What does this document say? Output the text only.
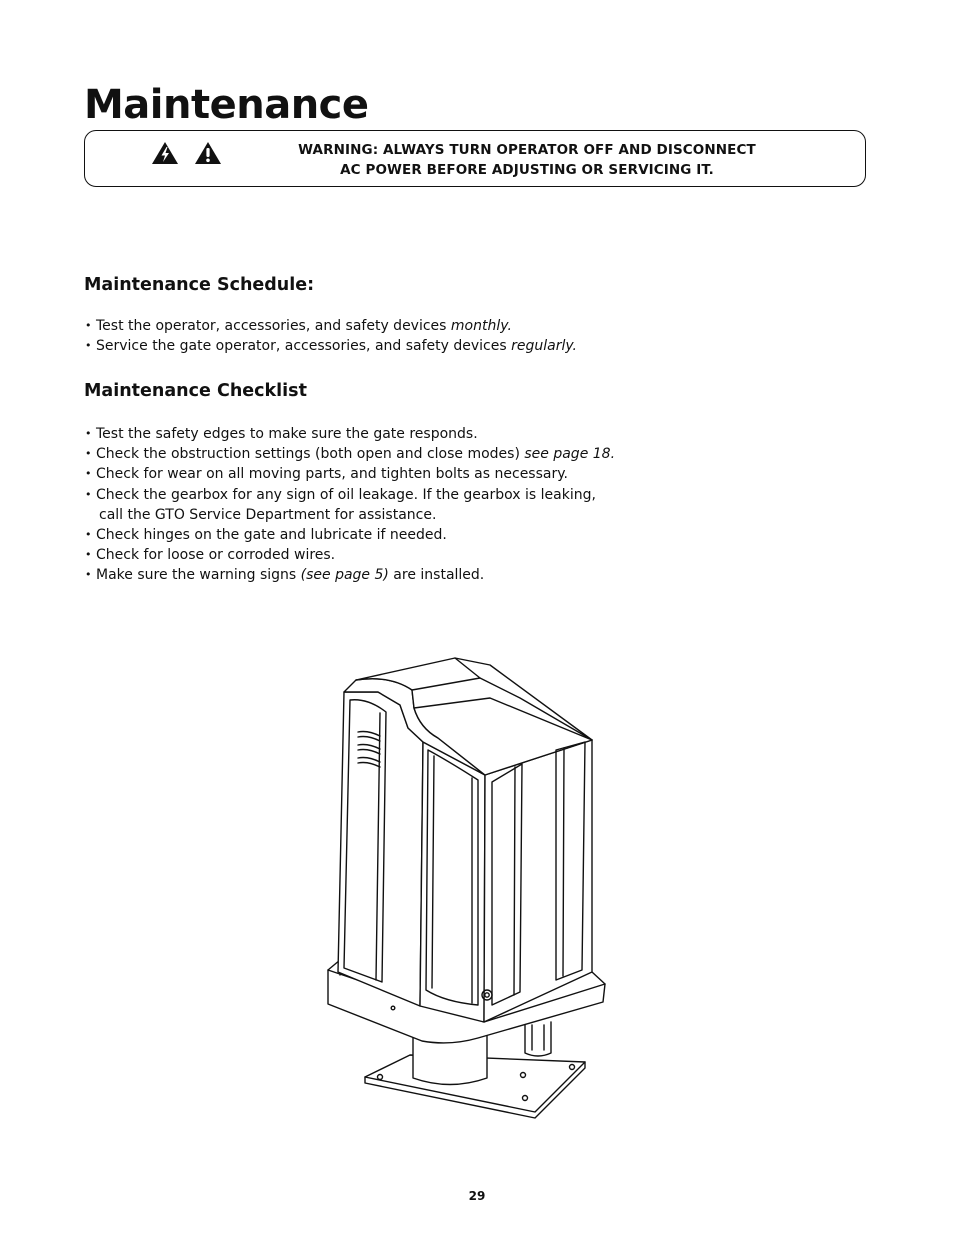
Maintenance
WARNING: ALWAYS TURN OPERATOR OFF AND DISCONNECT
AC POWER BEFORE ADJUSTING OR SERVICING IT.
Maintenance Schedule:
• Test the operator, accessories, and safety devices monthly.
• Service the gate operator, accessories, and safety devices regularly.
Maintenance Checklist
• Test the safety edges to make sure the gate responds.
• Check the obstruction settings (both open and close modes) see page 18.
• Check for wear on all moving parts, and tighten bolts as necessary.
• Check the gearbox for any sign of oil leakage. If the gearbox is leaking,
call the GTO Service Department for assistance.
• Check hinges on the gate and lubricate if needed.
• Check for loose or corroded wires.
• Make sure the warning signs (see page 5) are installed.
29
